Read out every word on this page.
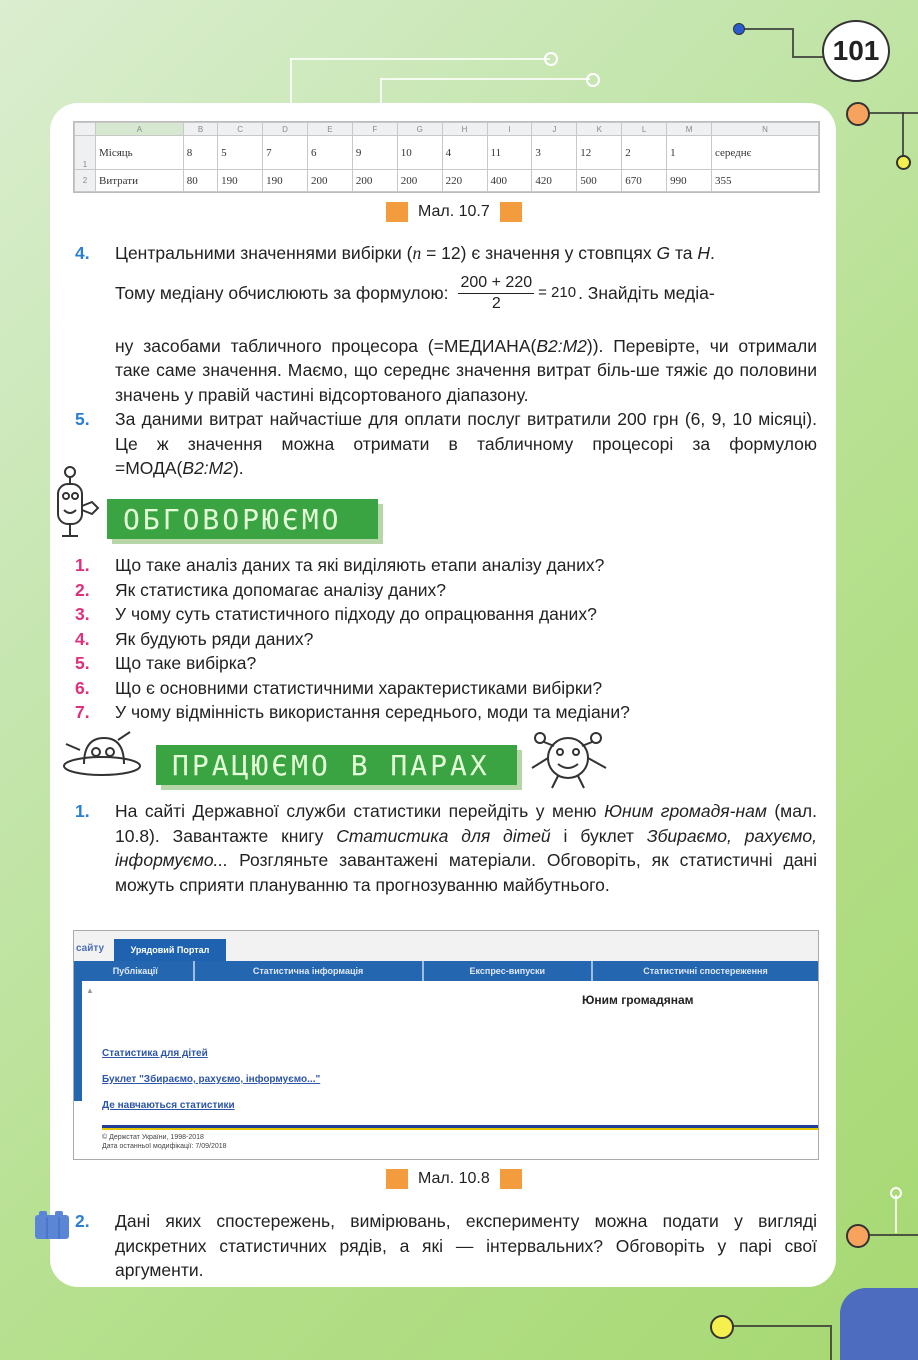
101
	A	B	C	D	E	F	G	H	I	J	K	L	M	N
1	Місяць	8	5	7	6	9	10	4	11	3	12	2	1	середнє
2	Витрати	80	190	190	200	200	200	220	400	420	500	670	990	355
Мал. 10.7
4.	Центральними значеннями вибірки (n = 12) є значення у стовпцях G та H.
Тому медіану обчислюють за формулою: $\frac{200 + 220}{2} = 210$ . Знайдіть медіа-
ну засобами табличного процесора (=МЕДИАНА(B2:M2)). Перевірте, чи отримали таке саме значення. Маємо, що середнє значення витрат біль-ше тяжіє до половини значень у правій частині відсортованого діапазону.
5.	За даними витрат найчастіше для оплати послуг витратили 200 грн (6, 9, 10 місяці). Це ж значення можна отримати в табличному процесорі за формулою =МОДА(B2:M2).
ОБГОВОРЮЄМО
1.	Що таке аналіз даних та які виділяють етапи аналізу даних?
2.	Як статистика допомагає аналізу даних?
3.	У чому суть статистичного підходу до опрацювання даних?
4.	Як будують ряди даних?
5.	Що таке вибірка?
6.	Що є основними статистичними характеристиками вибірки?
7.	У чому відмінність використання середнього, моди та медіани?
ПРАЦЮЄМО В ПАРАХ
1.	На сайті Державної служби статистики перейдіть у меню Юним громадя-нам (мал. 10.8). Завантажте книгу Статистика для дітей і буклет Збираємо, рахуємо, інформуємо... Розгляньте завантажені матеріали. Обговоріть, як статистичні дані можуть сприяти плануванню та прогнозуванню майбутнього.
сайту	Урядовий Портал
Публікації	Статистична інформація	Експрес-випуски	Статистичні спостереження
▲
Юним громадянам
Статистика для дітей
Буклет "Збираємо, рахуємо, інформуємо..."
Де навчаються статистики
© Держстат України, 1998-2018
Дата останньої модифікації: 7/09/2018
Мал. 10.8
2.	Дані яких спостережень, вимірювань, експерименту можна подати у вигляді дискретних статистичних рядів, а які — інтервальних? Обговоріть у парі свої аргументи.
